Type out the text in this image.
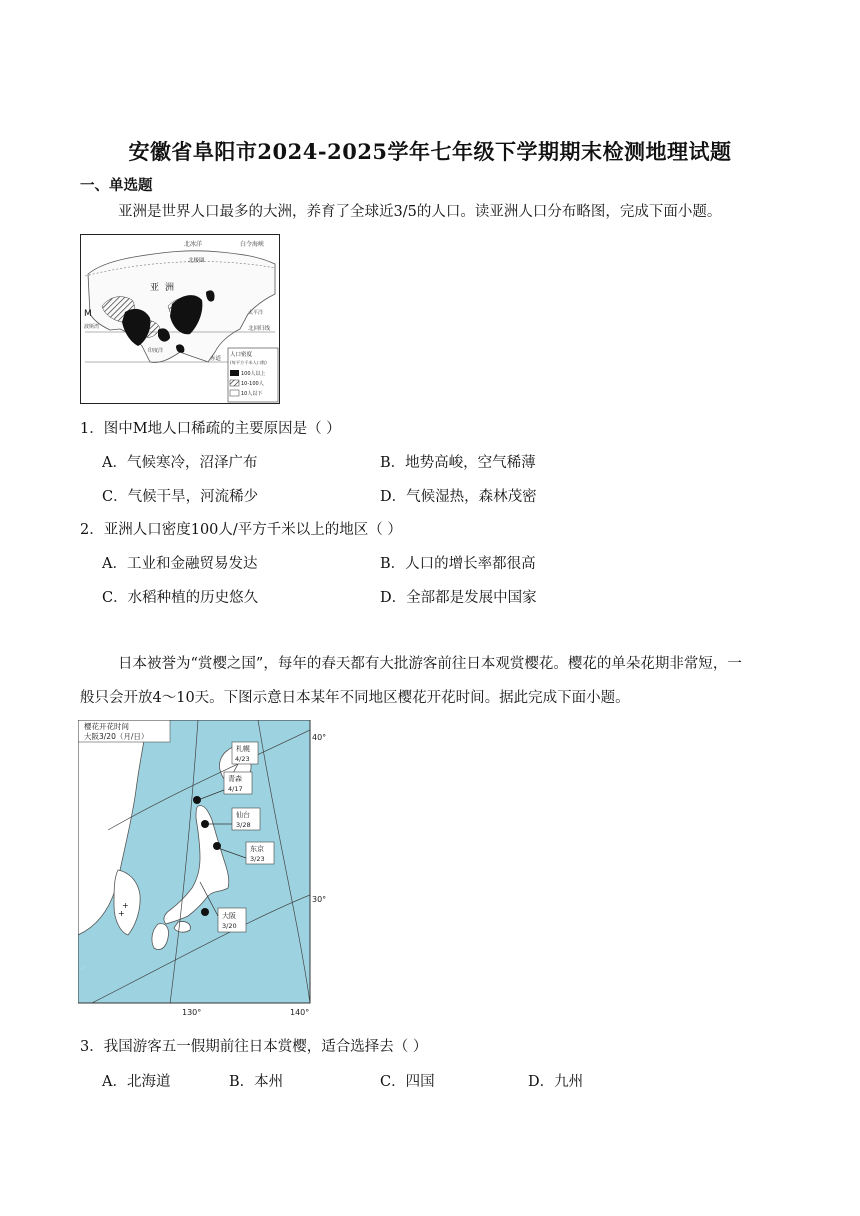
安徽省阜阳市2024-2025学年七年级下学期期末检测地理试题
一、单选题
亚洲是世界人口最多的大洲，养育了全球近3/5的人口。读亚洲人口分布略图，完成下面小题。
北冰洋	白令海峡
北极圈
亚洲
M
波斯湾	北回归线
赤道
印度洋
太平洋
人口密度
(每平方千米人口数)
100人以上
10-100人
10人以下
1．图中M地人口稀疏的主要原因是（ ）
A．气候寒冷，沼泽广布	B．地势高峻，空气稀薄
C．气候干旱，河流稀少	D．气候湿热，森林茂密
2．亚洲人口密度100人/平方千米以上的地区（ ）
A．工业和金融贸易发达	B．人口的增长率都很高
C．水稻种植的历史悠久	D．全部都是发展中国家
日本被誉为“赏樱之国”，每年的春天都有大批游客前往日本观赏樱花。樱花的单朵花期非常短，一
般只会开放4～10天。下图示意日本某年不同地区樱花开花时间。据此完成下面小题。
樱花开花时间
大阪3/20（月/日）
札幌
4/23
青森
4/17
仙台
3/28
东京
3/23
大阪
3/20
+
+
40°
30°
130°	140°
3．我国游客五一假期前往日本赏樱，适合选择去（ ）
A．北海道	B．本州	C．四国	D．九州
